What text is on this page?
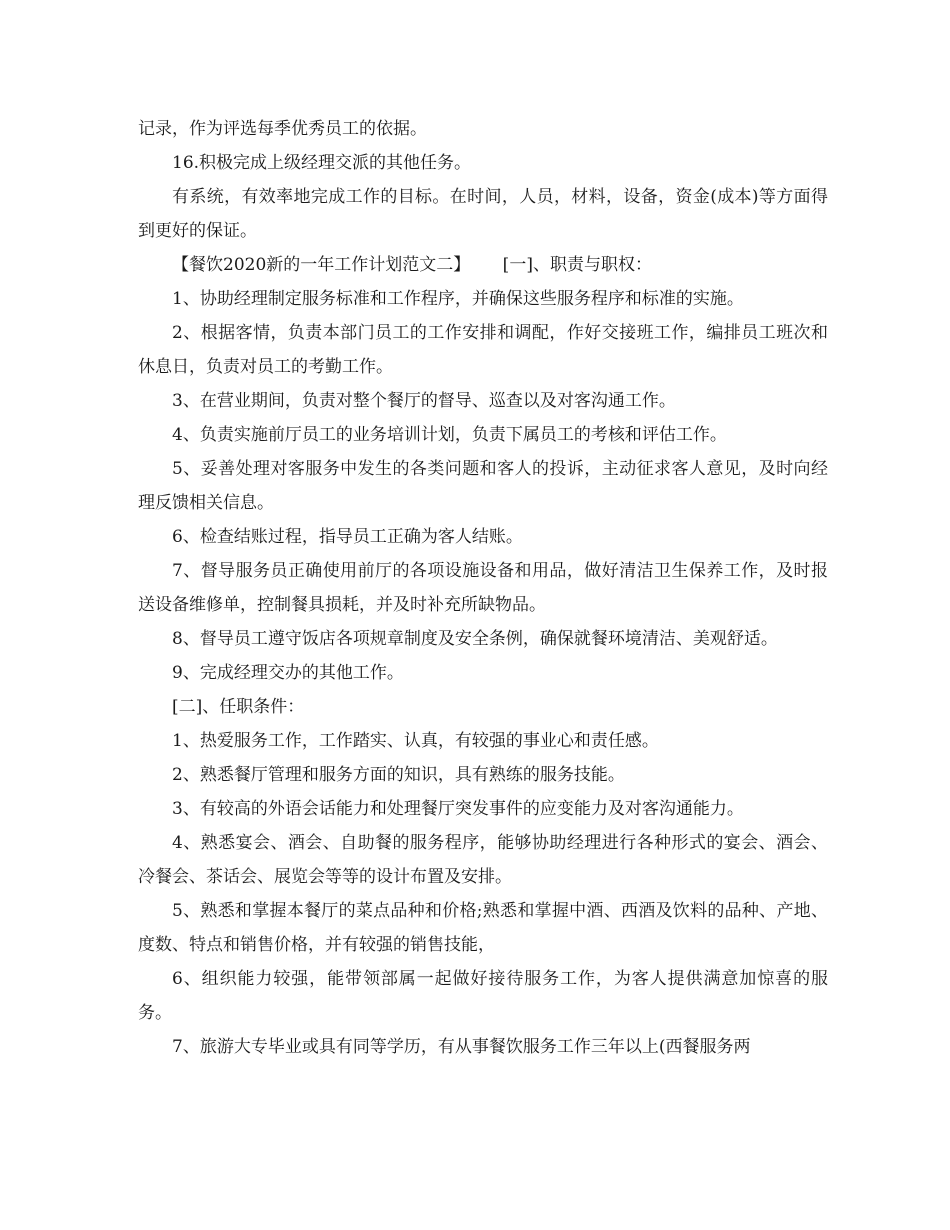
记录，作为评选每季优秀员工的依据。

16.积极完成上级经理交派的其他任务。

有系统，有效率地完成工作的目标。在时间，人员，材料，设备，资金(成本)等方面得到更好的保证。

【餐饮2020新的一年工作计划范文二】      [一]、职责与职权：

1、协助经理制定服务标准和工作程序，并确保这些服务程序和标准的实施。

2、根据客情，负责本部门员工的工作安排和调配，作好交接班工作，编排员工班次和休息日，负责对员工的考勤工作。

3、在营业期间，负责对整个餐厅的督导、巡查以及对客沟通工作。

4、负责实施前厅员工的业务培训计划，负责下属员工的考核和评估工作。

5、妥善处理对客服务中发生的各类问题和客人的投诉，主动征求客人意见，及时向经理反馈相关信息。

6、检查结账过程，指导员工正确为客人结账。

7、督导服务员正确使用前厅的各项设施设备和用品，做好清洁卫生保养工作，及时报送设备维修单，控制餐具损耗，并及时补充所缺物品。

8、督导员工遵守饭店各项规章制度及安全条例，确保就餐环境清洁、美观舒适。

9、完成经理交办的其他工作。

[二]、任职条件：

1、热爱服务工作，工作踏实、认真，有较强的事业心和责任感。

2、熟悉餐厅管理和服务方面的知识，具有熟练的服务技能。

3、有较高的外语会话能力和处理餐厅突发事件的应变能力及对客沟通能力。

4、熟悉宴会、酒会、自助餐的服务程序，能够协助经理进行各种形式的宴会、酒会、冷餐会、茶话会、展览会等等的设计布置及安排。

5、熟悉和掌握本餐厅的菜点品种和价格;熟悉和掌握中酒、西酒及饮料的品种、产地、度数、特点和销售价格，并有较强的销售技能，

6、组织能力较强，能带领部属一起做好接待服务工作，为客人提供满意加惊喜的服务。

7、旅游大专毕业或具有同等学历，有从事餐饮服务工作三年以上(西餐服务两
